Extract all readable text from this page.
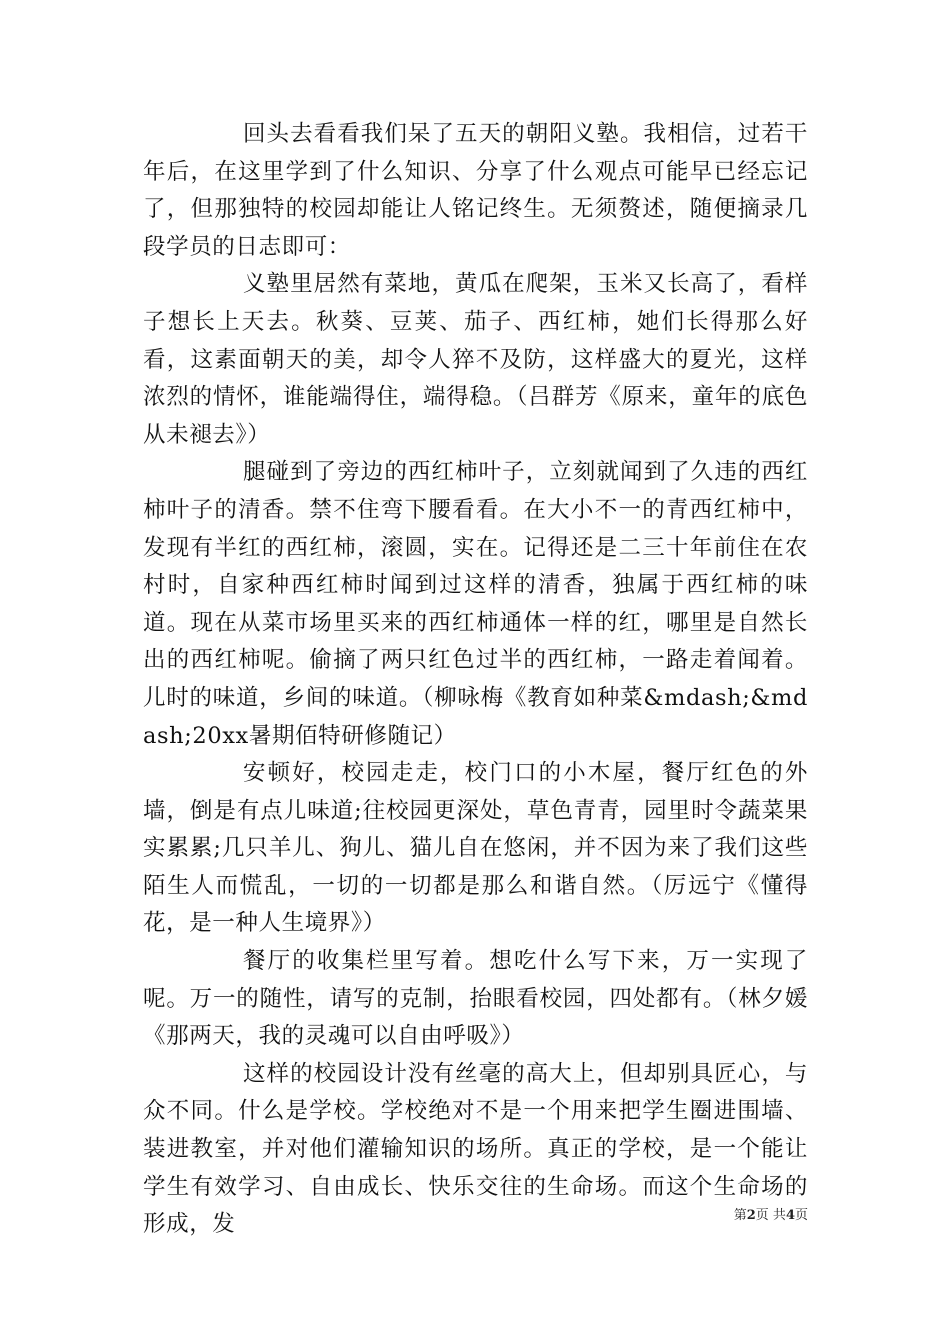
回头去看看我们呆了五天的朝阳义塾。我相信，过若干年后，在这里学到了什么知识、分享了什么观点可能早已经忘记了，但那独特的校园却能让人铭记终生。无须赘述，随便摘录几段学员的日志即可：

义塾里居然有菜地，黄瓜在爬架，玉米又长高了，看样子想长上天去。秋葵、豆荚、茄子、西红柿，她们长得那么好看，这素面朝天的美，却令人猝不及防，这样盛大的夏光，这样浓烈的情怀，谁能端得住，端得稳。（吕群芳《原来，童年的底色从未褪去》）

腿碰到了旁边的西红柿叶子，立刻就闻到了久违的西红柿叶子的清香。禁不住弯下腰看看。在大小不一的青西红柿中，发现有半红的西红柿，滚圆，实在。记得还是二三十年前住在农村时，自家种西红柿时闻到过这样的清香，独属于西红柿的味道。现在从菜市场里买来的西红柿通体一样的红，哪里是自然长出的西红柿呢。偷摘了两只红色过半的西红柿，一路走着闻着。儿时的味道，乡间的味道。（柳咏梅《教育如种菜&mdash;&mdash;20xx暑期佰特研修随记）

安顿好，校园走走，校门口的小木屋，餐厅红色的外墙，倒是有点儿味道;往校园更深处，草色青青，园里时令蔬菜果实累累;几只羊儿、狗儿、猫儿自在悠闲，并不因为来了我们这些陌生人而慌乱，一切的一切都是那么和谐自然。（厉远宁《懂得花，是一种人生境界》）

餐厅的收集栏里写着。想吃什么写下来，万一实现了呢。万一的随性，请写的克制，抬眼看校园，四处都有。（林夕媛《那两天，我的灵魂可以自由呼吸》）

这样的校园设计没有丝毫的高大上，但却别具匠心，与众不同。什么是学校。学校绝对不是一个用来把学生圈进围墙、装进教室，并对他们灌输知识的场所。真正的学校，是一个能让学生有效学习、自由成长、快乐交往的生命场。而这个生命场的形成，发	第2页 共4页
